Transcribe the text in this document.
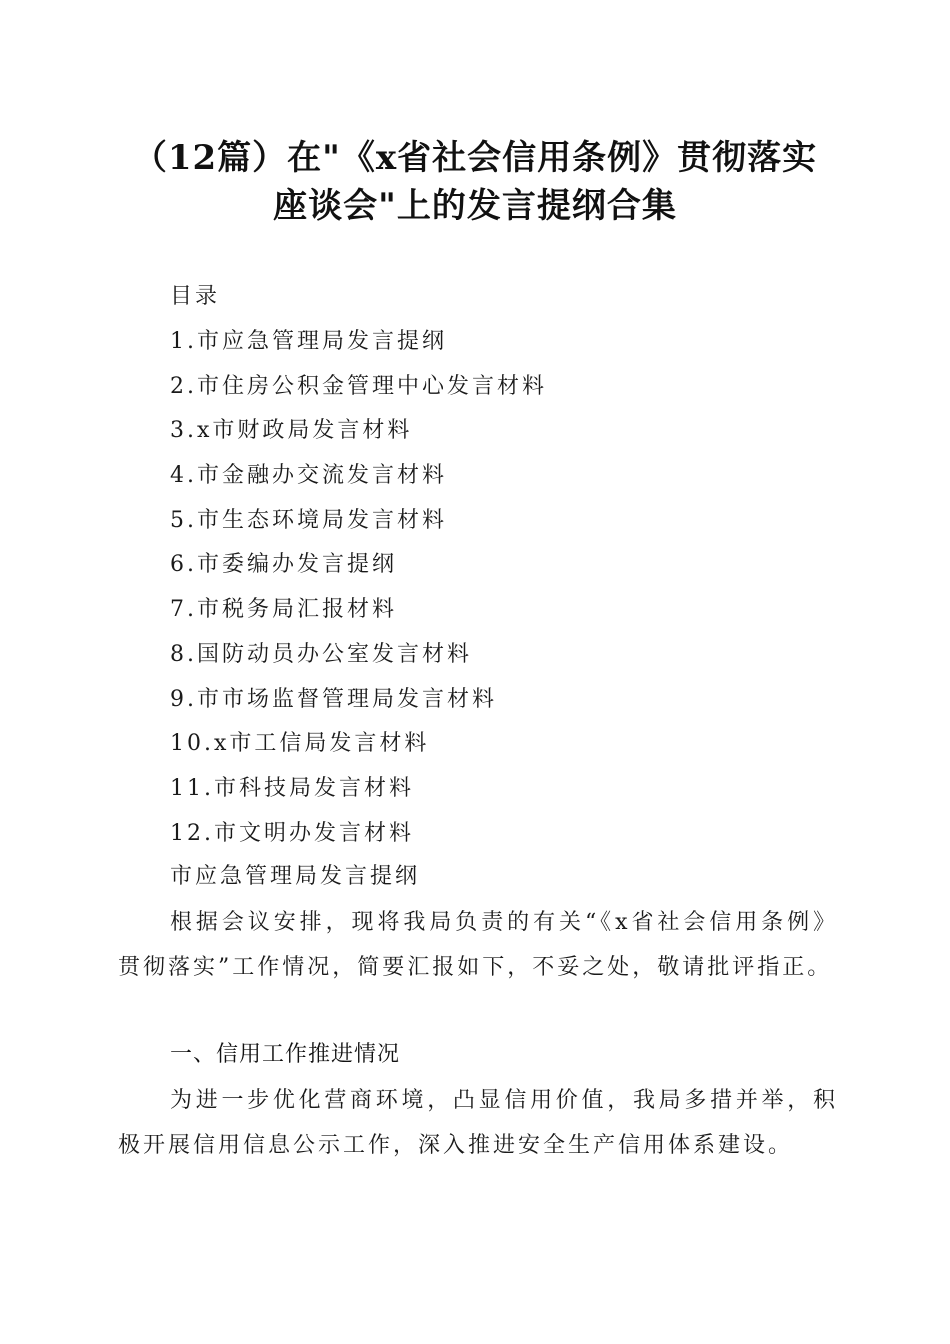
（12篇）在"《x省社会信用条例》贯彻落实
座谈会"上的发言提纲合集
目录
1.市应急管理局发言提纲
2.市住房公积金管理中心发言材料
3.x市财政局发言材料
4.市金融办交流发言材料
5.市生态环境局发言材料
6.市委编办发言提纲
7.市税务局汇报材料
8.国防动员办公室发言材料
9.市市场监督管理局发言材料
10.x市工信局发言材料
11.市科技局发言材料
12.市文明办发言材料
市应急管理局发言提纲

根据会议安排，现将我局负责的有关“《x省社会信用条例》贯彻落实”工作情况，简要汇报如下，不妥之处，敬请批评指正。

一、信用工作推进情况

为进一步优化营商环境，凸显信用价值，我局多措并举，积极开展信用信息公示工作，深入推进安全生产信用体系建设。
